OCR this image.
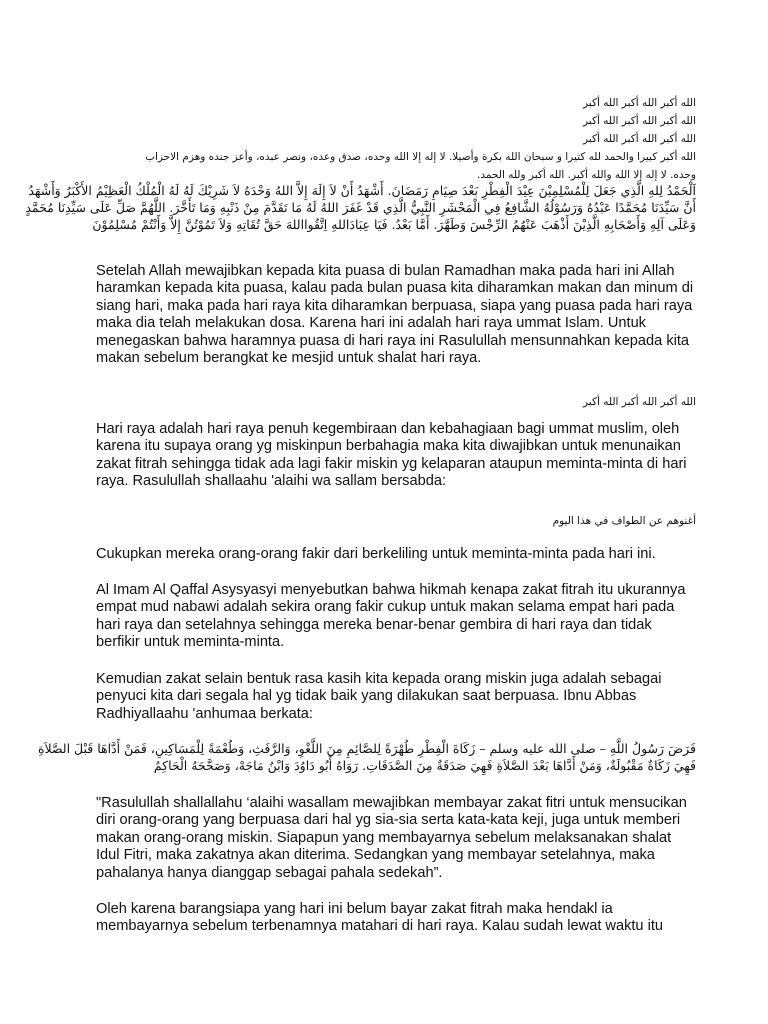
الله أكبر الله أكبر الله أكبر
الله أكبر الله أكبر الله أكبر
الله أكبر الله أكبر الله أكبر
الله أكبر كبيرا والحمد لله كثيرا و سبحان الله بكرة وأصيلا. لا إله إلا الله وحده، صدق وعده، ونصر عبده، وأعز جنده وهزم الاحزاب
وحده. لا إله إلا الله والله أكبر. الله أكبر ولله الحمد.
اَلْحَمْدُ لِلهِ الَّذِي جَعَلَ لِلْمُسْلِمِيْنَ عِيْدَ الْفِطْرِ بَعْدَ صِيَامِ رَمَضَانَ. أَشْهَدُ أَنْ لاَ إِلَهَ إِلاَّ اللهُ وَحْدَهُ لاَ شَرِيْكَ لَهُ لَهُ الْمُلْكُ الْعَظِيْمُ الأَكْبَرُ وَأَشْهَدُ
أَنَّ سَيِّدَنَا مُحَمَّدًا عَبْدُهُ وَرَسُوْلُهُ الشَّافِعُ فِي الْمَحْشَرِ النَّبِيُّ الَّذِي قَدْ غَفَرَ اللهُ لَهُ مَا تَقَدَّمَ مِنْ ذَنْبِهِ وَمَا تَأَخَّرَ. اللَّهُمَّ صَلِّ عَلَى سَيِّدِنَا مُحَمَّدٍ
وَعَلَى آلِهِ وَأَصْحَابِهِ الَّذِيْنَ أَذْهَبَ عَنْهُمُ الرِّجْسَ وَطَهَّرَ. أَمَّا بَعْدُ. فَيَا عِبَادَاللهِ اِتَّقُوااللهَ حَقَّ تُقَاتِهِ وَلاَ تَمُوْتُنَّ إِلاَّ وَأَنْتُمْ مُسْلِمُوْنَ
Setelah Allah mewajibkan kepada kita puasa di bulan Ramadhan maka pada hari ini Allah
haramkan kepada kita puasa, kalau pada bulan puasa kita diharamkan makan dan minum di
siang hari, maka pada hari raya kita diharamkan berpuasa, siapa yang puasa pada hari raya
maka dia telah melakukan dosa. Karena hari ini adalah hari raya ummat Islam. Untuk
menegaskan bahwa haramnya puasa di hari raya ini Rasulullah mensunnahkan kepada kita
makan sebelum berangkat ke mesjid untuk shalat hari raya.
الله أكبر الله أكبر الله أكبر
Hari raya adalah hari raya penuh kegembiraan dan kebahagiaan bagi ummat muslim, oleh
karena itu supaya orang yg miskinpun berbahagia maka kita diwajibkan untuk menunaikan
zakat fitrah sehingga tidak ada lagi fakir miskin yg kelaparan ataupun meminta-minta di hari
raya. Rasulullah shallaahu 'alaihi wa sallam bersabda:
أغنوهم عن الطواف في هذا اليوم
Cukupkan mereka orang-orang fakir dari berkeliling untuk meminta-minta pada hari ini.
Al Imam Al Qaffal Asysyasyi menyebutkan bahwa hikmah kenapa zakat fitrah itu ukurannya
empat mud nabawi adalah sekira orang fakir cukup untuk makan selama empat hari pada
hari raya dan setelahnya sehingga mereka benar-benar gembira di hari raya dan tidak
berfikir untuk meminta-minta.
Kemudian zakat selain bentuk rasa kasih kita kepada orang miskin juga adalah sebagai
penyuci kita dari segala hal yg tidak baik yang dilakukan saat berpuasa. Ibnu Abbas
Radhiyallaahu 'anhumaa berkata:
فَرَضَ رَسُولُ اللَّهِ – صلى الله عليه وسلم – زَكَاةَ الْفِطْرِ طُهْرَةً لِلصَّائِمِ مِنَ اللَّغْوِ، وَالرَّفَثِ، وَطُعْمَةً لِلْمَسَاكِينِ، فَمَنْ أَدَّاهَا قَبْلَ الصَّلاَةِ
فَهِيَ زَكَاةٌ مَقْبُولَةٌ، وَمَنْ أَدَّاهَا بَعْدَ الصَّلاَةِ فَهِيَ صَدَقَةٌ مِنَ الصَّدَقَاتِ. رَوَاهُ أَبُو دَاوُدَ وَابْنُ مَاجَهْ، وَصَحَّحَهُ الْحَاكِمُ
"Rasulullah shallallahu ‘alaihi wasallam mewajibkan membayar zakat fitri untuk mensucikan
diri orang-orang yang berpuasa dari hal yg sia-sia serta kata-kata keji, juga untuk memberi
makan orang-orang miskin. Siapapun yang membayarnya sebelum melaksanakan shalat
Idul Fitri, maka zakatnya akan diterima. Sedangkan yang membayar setelahnya, maka
pahalanya hanya dianggap sebagai pahala sedekah”.
Oleh karena barangsiapa yang hari ini belum bayar zakat fitrah maka hendakl ia
membayarnya sebelum terbenamnya matahari di hari raya. Kalau sudah lewat waktu itu
